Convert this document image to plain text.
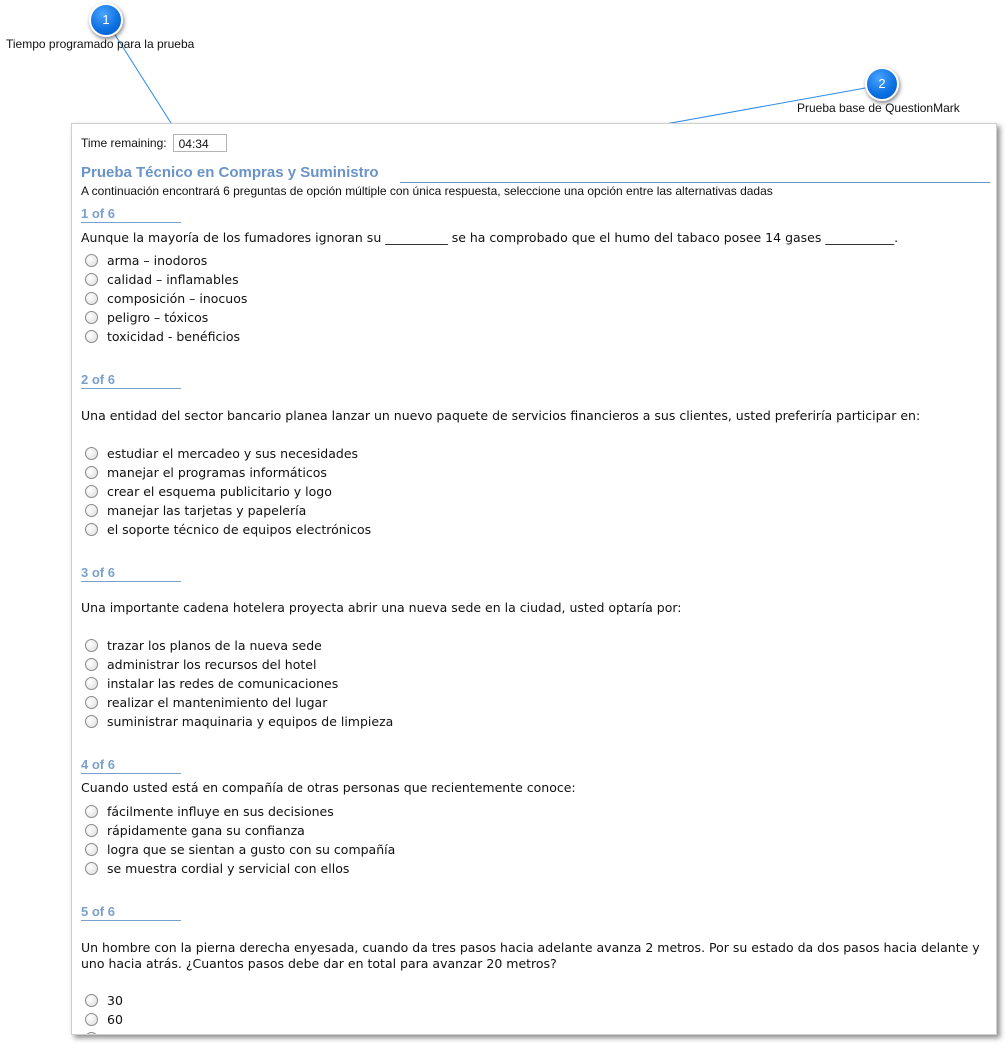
1
Tiempo programado para la prueba
2
Prueba base de QuestionMark
Time remaining:	04:34
Prueba Técnico en Compras y Suministro
A continuación encontrará 6 preguntas de opción múltiple con única respuesta, seleccione una opción entre las alternativas dadas
1 of 6
Aunque la mayoría de los fumadores ignoran su __________ se ha comprobado que el humo del tabaco posee 14 gases ___________.
arma – inodoros
calidad – inflamables
composición – inocuos
peligro – tóxicos
toxicidad - benéficios
2 of 6
Una entidad del sector bancario planea lanzar un nuevo paquete de servicios financieros a sus clientes, usted preferiría participar en:
estudiar el mercadeo y sus necesidades
manejar el programas informáticos
crear el esquema publicitario y logo
manejar las tarjetas y papelería
el soporte técnico de equipos electrónicos
3 of 6
Una importante cadena hotelera proyecta abrir una nueva sede en la ciudad, usted optaría por:
trazar los planos de la nueva sede
administrar los recursos del hotel
instalar las redes de comunicaciones
realizar el mantenimiento del lugar
suministrar maquinaria y equipos de limpieza
4 of 6
Cuando usted está en compañía de otras personas que recientemente conoce:
fácilmente influye en sus decisiones
rápidamente gana su confianza
logra que se sientan a gusto con su compañía
se muestra cordial y servicial con ellos
5 of 6
Un hombre con la pierna derecha enyesada, cuando da tres pasos hacia adelante avanza 2 metros. Por su estado da dos pasos hacia delante y uno hacia atrás. ¿Cuantos pasos debe dar en total para avanzar 20 metros?
30
60
